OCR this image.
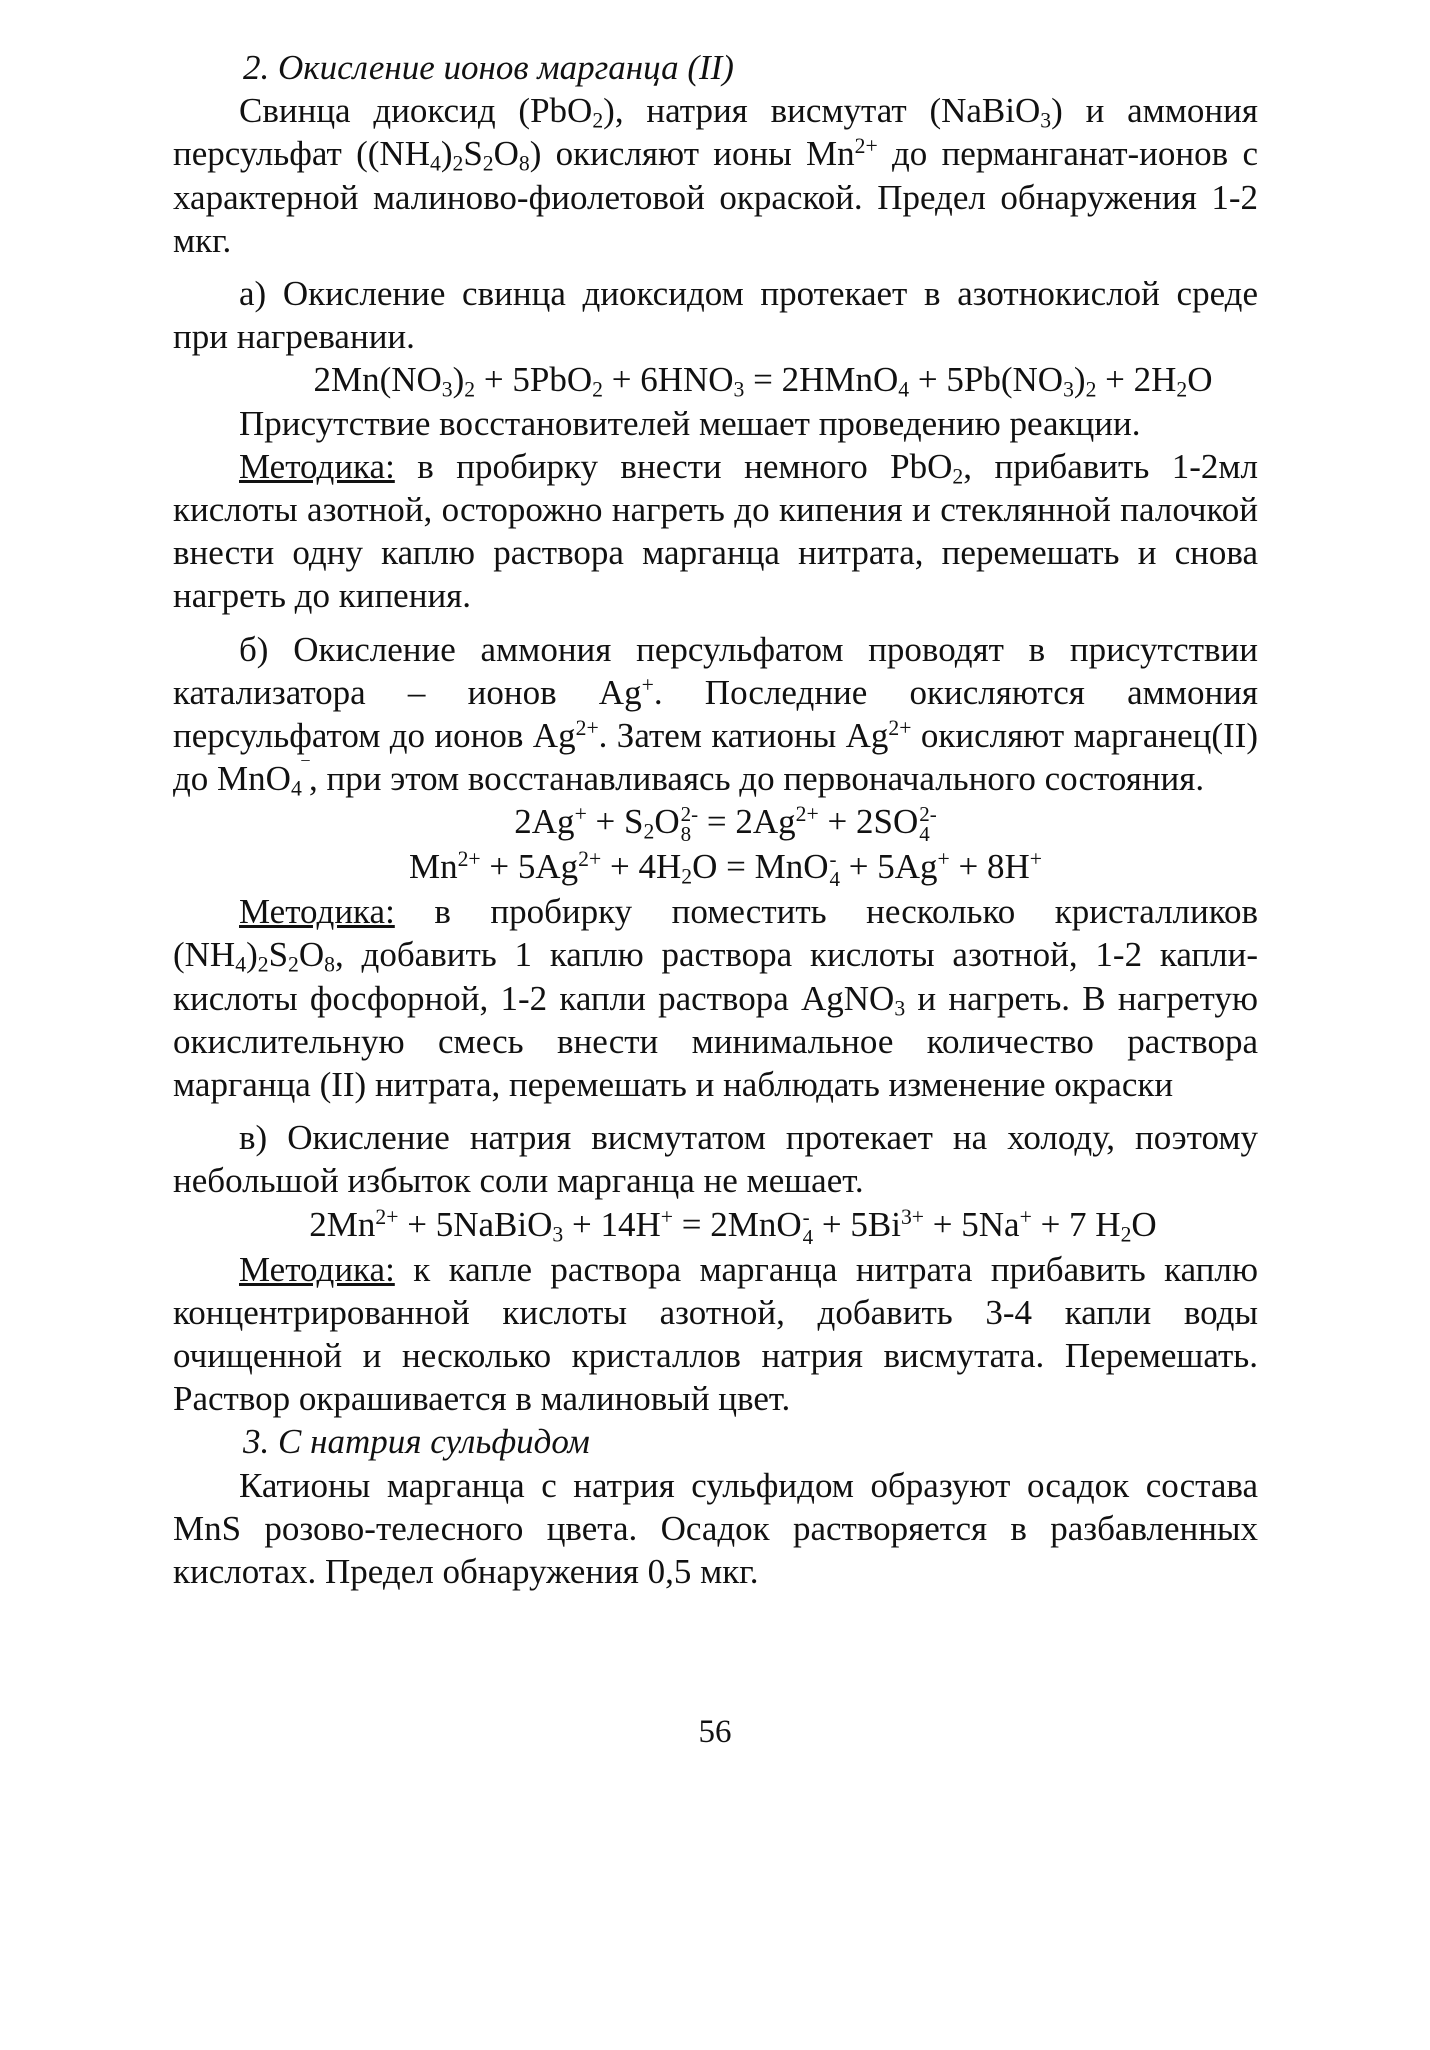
2. Окисление ионов марганца (II)

Свинца диоксид (PbO$_2$), натрия висмутат (NaBiO$_3$) и аммония персульфат $((NH_4)_2S_2O_8)$ окисляют ионы $Mn^{2+}$ до перманганат-ионов с характерной малиново-фиолетовой окраской. Предел обнаружения 1-2 мкг.

а) Окисление свинца диоксидом протекает в азотнокислой среде при нагревании.

$2Mn(NO_3)_2 + 5PbO_2 + 6HNO_3$ = 2HMnO$_4$ + $5Pb(NO_3)_2 + 2H_2O$

Присутствие восстановителей мешает проведению реакции.

Методика: в пробирку внести немного PbO$_2$, прибавить 1-2мл кислоты азотной, осторожно нагреть до кипения и стеклянной палочкой внести одну каплю раствора марганца нитрата, перемешать и снова нагреть до кипения.

б) Окисление аммония персульфатом проводят в присутствии катализатора – ионов Ag+. Последние окисляются аммония персульфатом до ионов $Ag^{2+}$. Затем катионы $Ag^{2+}$ окисляют марганец(II) до MnO$_4$‾, при этом восстанавливаясь до первоначального состояния.

$2Ag^+ + S_2O$ 2-
$8 = 2Ag^{2+} + 2SO$ 2-
4

$Mn^{2+} + 5Ag^{2+} + 4H_2O$ = MnO -
4 + 5Ag+ + 8H+

Методика: в пробирку поместить несколько кристалликов $(NH_4)_2S_2O_8$, добавить 1 каплю раствора кислоты азотной, 1-2 капли-кислоты фосфорной, 1-2 капли раствора AgNO$_3$ и нагреть. В нагретую окислительную смесь внести минимальное количество раствора марганца (II) нитрата, перемешать и наблюдать изменение окраски

в) Окисление натрия висмутатом протекает на холоду, поэтому небольшой избыток соли марганца не мешает.

$2Mn^{2+}$ + 5NaBiO$_3$ + 14H+ = 2MnO -
$4 + 5Bi^{3+} + 5Na^+ + 7$ $H_2O$

Методика: к капле раствора марганца нитрата прибавить каплю концентрированной кислоты азотной, добавить 3-4 капли воды очищенной и несколько кристаллов натрия висмутата. Перемешать. Раствор окрашивается в малиновый цвет.

3. С натрия сульфидом

Катионы марганца с натрия сульфидом образуют осадок состава MnS розово-телесного цвета. Осадок растворяется в разбавленных кислотах. Предел обнаружения 0,5 мкг.

56
